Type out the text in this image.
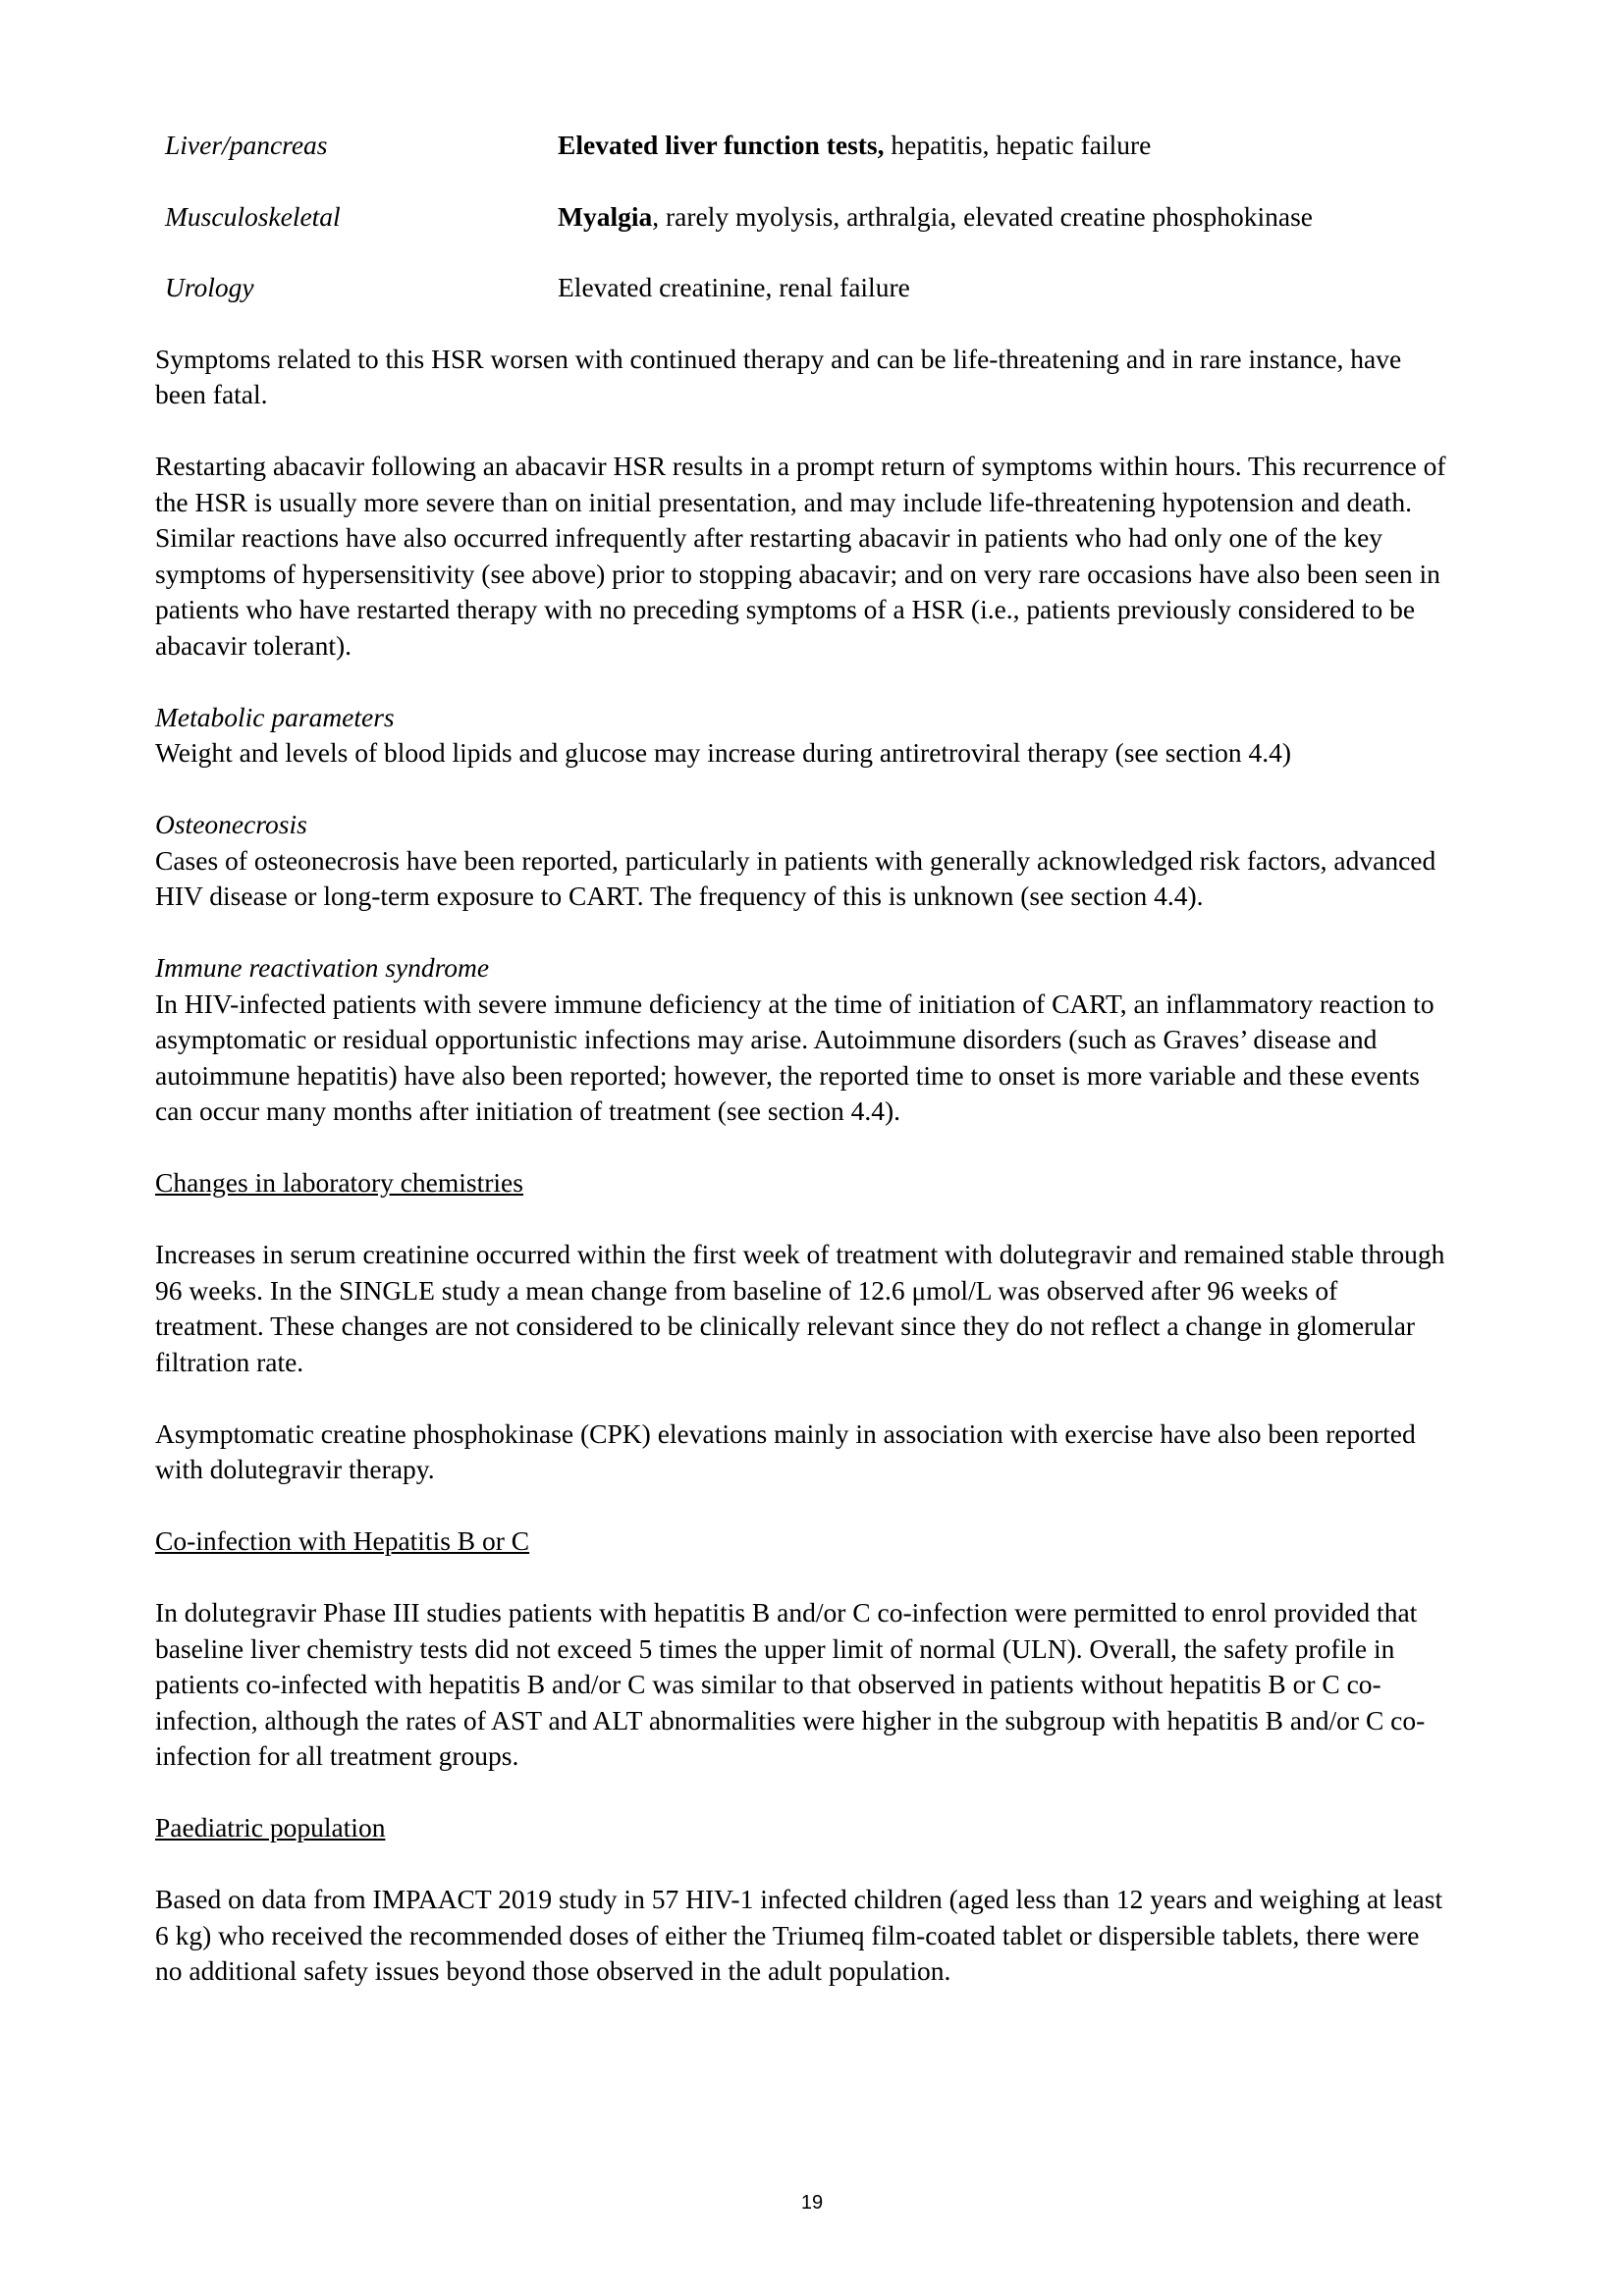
Liver/pancreas	Elevated liver function tests, hepatitis, hepatic failure
Musculoskeletal	Myalgia, rarely myolysis, arthralgia, elevated creatine phosphokinase
Urology	Elevated creatinine, renal failure

Symptoms related to this HSR worsen with continued therapy and can be life-threatening and in rare instance, have been fatal.

Restarting abacavir following an abacavir HSR results in a prompt return of symptoms within hours. This recurrence of the HSR is usually more severe than on initial presentation, and may include life-threatening hypotension and death. Similar reactions have also occurred infrequently after restarting abacavir in patients who had only one of the key symptoms of hypersensitivity (see above) prior to stopping abacavir; and on very rare occasions have also been seen in patients who have restarted therapy with no preceding symptoms of a HSR (i.e., patients previously considered to be abacavir tolerant).

Metabolic parameters
Weight and levels of blood lipids and glucose may increase during antiretroviral therapy (see section 4.4)

Osteonecrosis
Cases of osteonecrosis have been reported, particularly in patients with generally acknowledged risk factors, advanced HIV disease or long-term exposure to CART. The frequency of this is unknown (see section 4.4).

Immune reactivation syndrome
In HIV-infected patients with severe immune deficiency at the time of initiation of CART, an inflammatory reaction to asymptomatic or residual opportunistic infections may arise. Autoimmune disorders (such as Graves’ disease and autoimmune hepatitis) have also been reported; however, the reported time to onset is more variable and these events can occur many months after initiation of treatment (see section 4.4).

Changes in laboratory chemistries

Increases in serum creatinine occurred within the first week of treatment with dolutegravir and remained stable through 96 weeks. In the SINGLE study a mean change from baseline of 12.6 μmol/L was observed after 96 weeks of treatment. These changes are not considered to be clinically relevant since they do not reflect a change in glomerular filtration rate.

Asymptomatic creatine phosphokinase (CPK) elevations mainly in association with exercise have also been reported with dolutegravir therapy.

Co-infection with Hepatitis B or C

In dolutegravir Phase III studies patients with hepatitis B and/or C co-infection were permitted to enrol provided that baseline liver chemistry tests did not exceed 5 times the upper limit of normal (ULN). Overall, the safety profile in patients co-infected with hepatitis B and/or C was similar to that observed in patients without hepatitis B or C co-infection, although the rates of AST and ALT abnormalities were higher in the subgroup with hepatitis B and/or C co-infection for all treatment groups.

Paediatric population

Based on data from IMPAACT 2019 study in 57 HIV-1 infected children (aged less than 12 years and weighing at least 6 kg) who received the recommended doses of either the Triumeq film-coated tablet or dispersible tablets, there were no additional safety issues beyond those observed in the adult population.

19
